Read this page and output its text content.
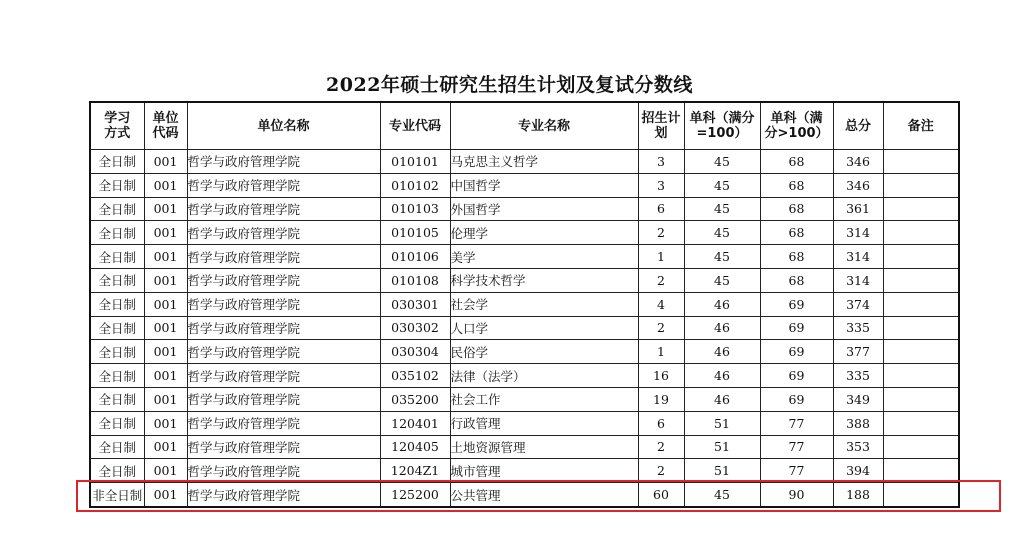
2022年硕士研究生招生计划及复试分数线
学习方式	单位代码	单位名称	专业代码	专业名称	招生计划	单科（满分=100）	单科（满分>100）	总分	备注
全日制	001	哲学与政府管理学院	010101	马克思主义哲学	3	45	68	346	
全日制	001	哲学与政府管理学院	010102	中国哲学	3	45	68	346	
全日制	001	哲学与政府管理学院	010103	外国哲学	6	45	68	361	
全日制	001	哲学与政府管理学院	010105	伦理学	2	45	68	314	
全日制	001	哲学与政府管理学院	010106	美学	1	45	68	314	
全日制	001	哲学与政府管理学院	010108	科学技术哲学	2	45	68	314	
全日制	001	哲学与政府管理学院	030301	社会学	4	46	69	374	
全日制	001	哲学与政府管理学院	030302	人口学	2	46	69	335	
全日制	001	哲学与政府管理学院	030304	民俗学	1	46	69	377	
全日制	001	哲学与政府管理学院	035102	法律（法学）	16	46	69	335	
全日制	001	哲学与政府管理学院	035200	社会工作	19	46	69	349	
全日制	001	哲学与政府管理学院	120401	行政管理	6	51	77	388	
全日制	001	哲学与政府管理学院	120405	土地资源管理	2	51	77	353	
全日制	001	哲学与政府管理学院	1204Z1	城市管理	2	51	77	394	
非全日制	001	哲学与政府管理学院	125200	公共管理	60	45	90	188	
